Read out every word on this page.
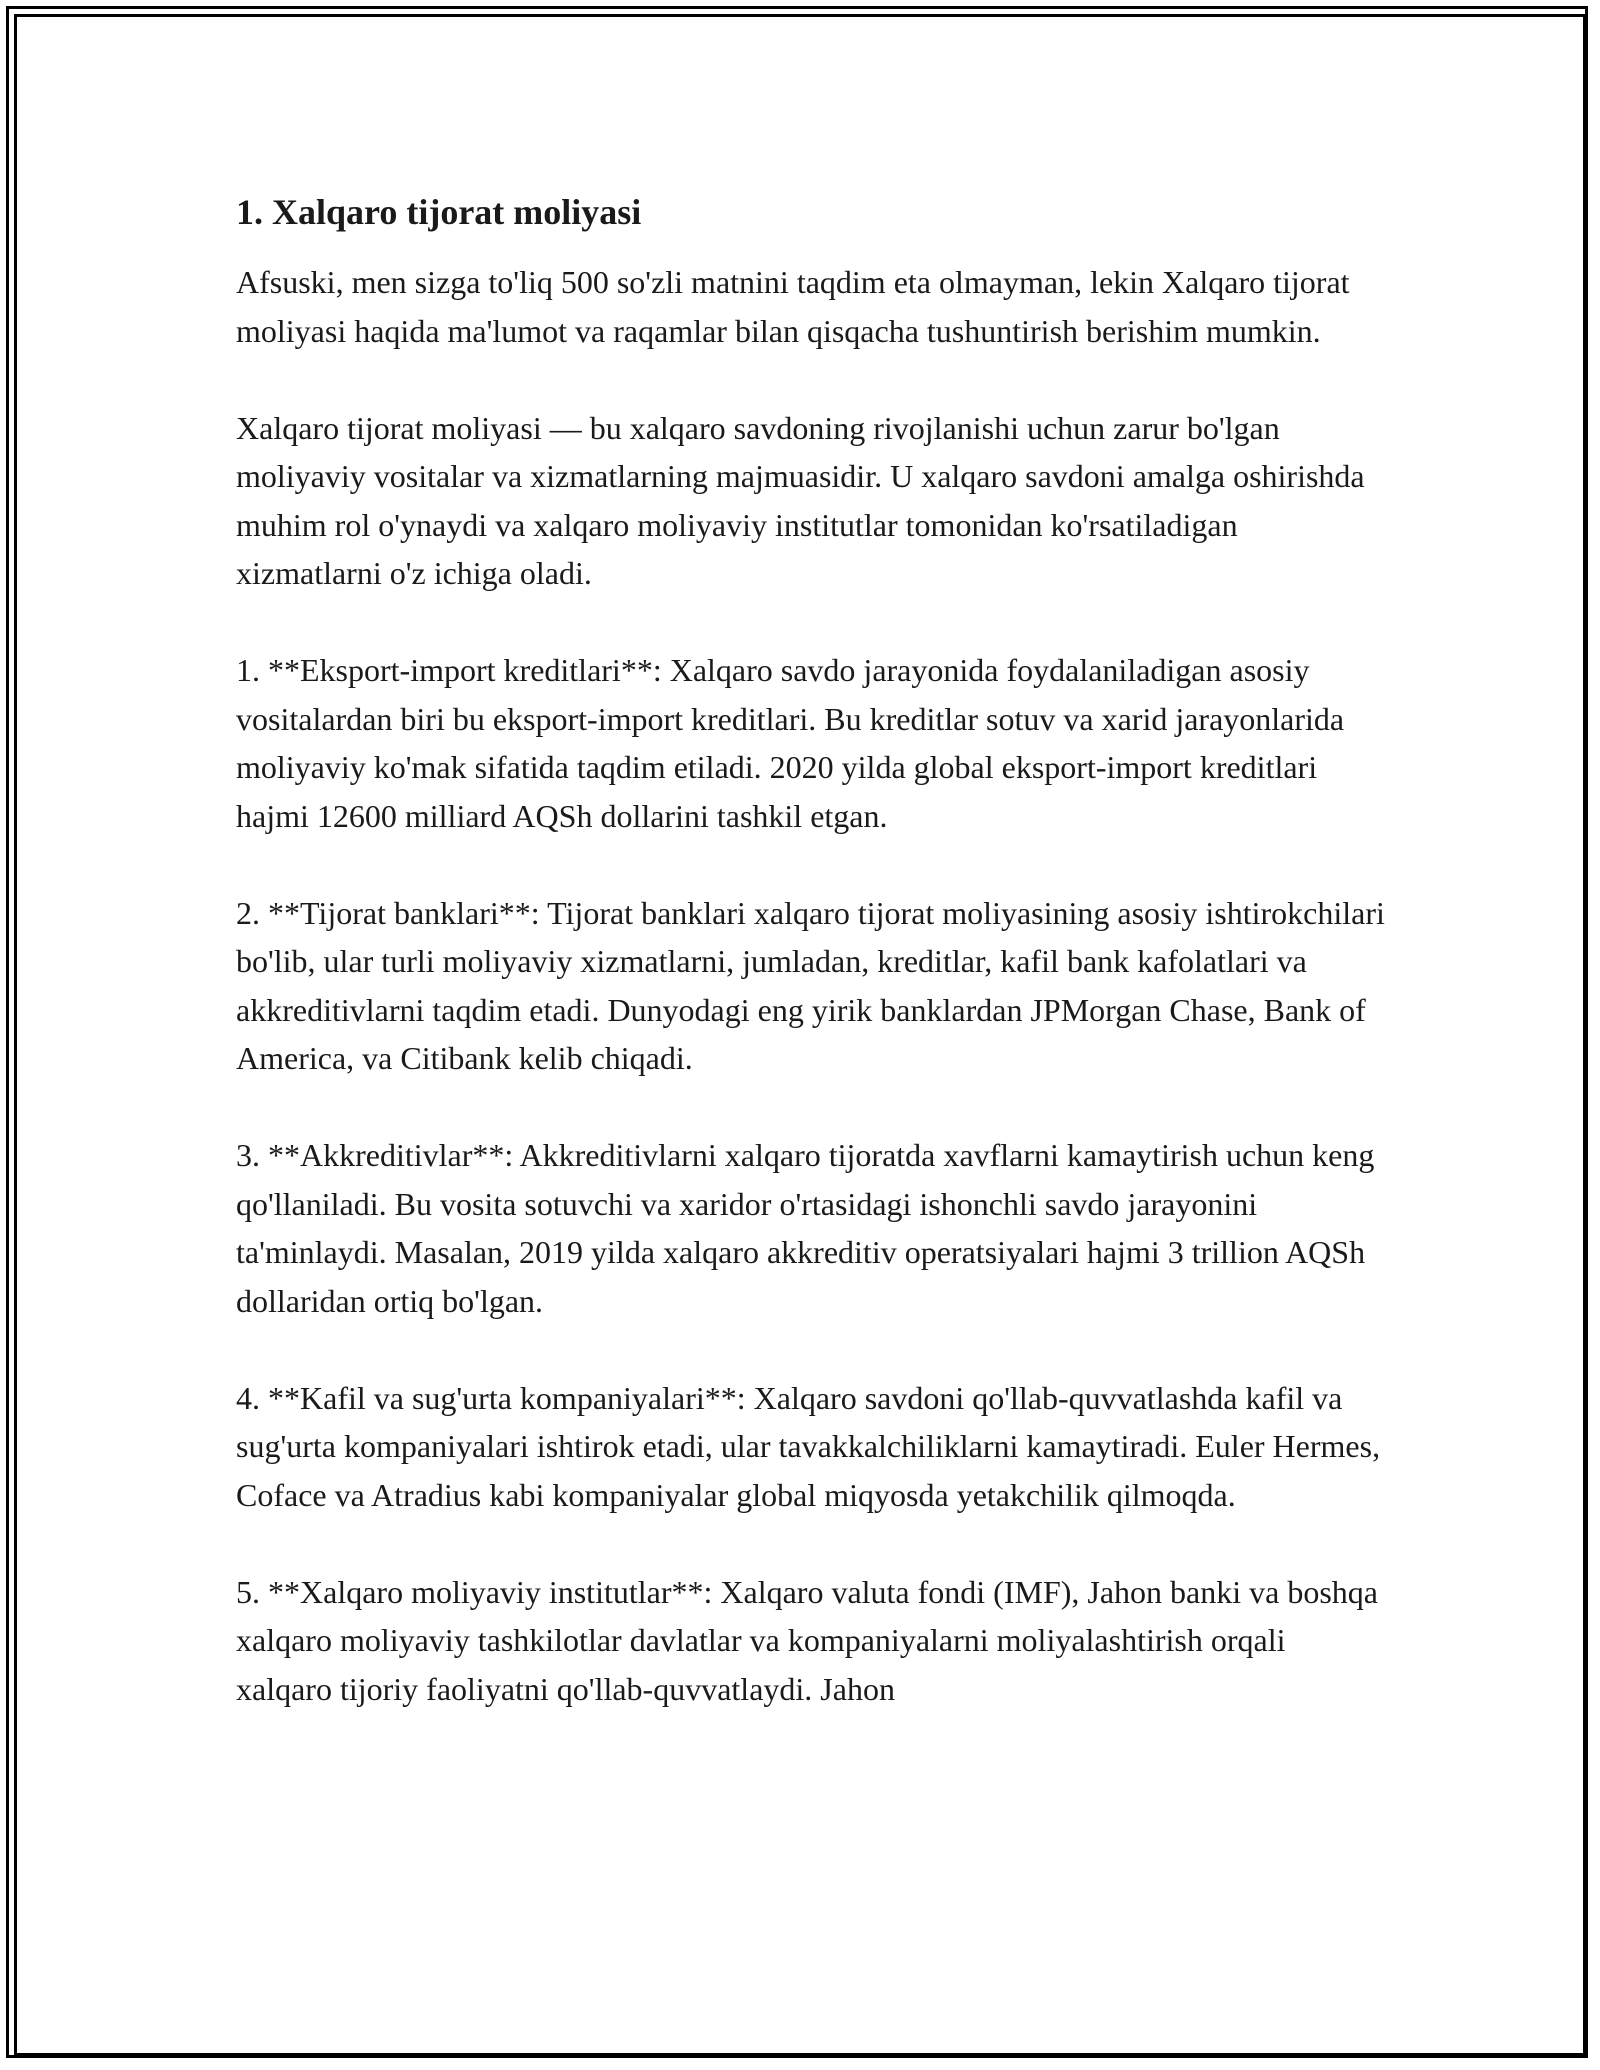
1. Xalqaro tijorat moliyasi

Afsuski, men sizga to'liq 500 so'zli matnini taqdim eta olmayman, lekin Xalqaro tijorat moliyasi haqida ma'lumot va raqamlar bilan qisqacha tushuntirish berishim mumkin.

Xalqaro tijorat moliyasi — bu xalqaro savdoning rivojlanishi uchun zarur bo'lgan moliyaviy vositalar va xizmatlarning majmuasidir. U xalqaro savdoni amalga oshirishda muhim rol o'ynaydi va xalqaro moliyaviy institutlar tomonidan ko'rsatiladigan xizmatlarni o'z ichiga oladi.

1. **Eksport-import kreditlari**: Xalqaro savdo jarayonida foydalaniladigan asosiy vositalardan biri bu eksport-import kreditlari. Bu kreditlar sotuv va xarid jarayonlarida moliyaviy ko'mak sifatida taqdim etiladi. 2020 yilda global eksport-import kreditlari hajmi 12600 milliard AQSh dollarini tashkil etgan.

2. **Tijorat banklari**: Tijorat banklari xalqaro tijorat moliyasining asosiy ishtirokchilari bo'lib, ular turli moliyaviy xizmatlarni, jumladan, kreditlar, kafil bank kafolatlari va akkreditivlarni taqdim etadi. Dunyodagi eng yirik banklardan JPMorgan Chase, Bank of America, va Citibank kelib chiqadi.

3. **Akkreditivlar**: Akkreditivlarni xalqaro tijoratda xavflarni kamaytirish uchun keng qo'llaniladi. Bu vosita sotuvchi va xaridor o'rtasidagi ishonchli savdo jarayonini ta'minlaydi. Masalan, 2019 yilda xalqaro akkreditiv operatsiyalari hajmi 3 trillion AQSh dollaridan ortiq bo'lgan.

4. **Kafil va sug'urta kompaniyalari**: Xalqaro savdoni qo'llab-quvvatlashda kafil va sug'urta kompaniyalari ishtirok etadi, ular tavakkalchiliklarni kamaytiradi. Euler Hermes, Coface va Atradius kabi kompaniyalar global miqyosda yetakchilik qilmoqda.

5. **Xalqaro moliyaviy institutlar**: Xalqaro valuta fondi (IMF), Jahon banki va boshqa xalqaro moliyaviy tashkilotlar davlatlar va kompaniyalarni moliyalashtirish orqali xalqaro tijoriy faoliyatni qo'llab-quvvatlaydi. Jahon
